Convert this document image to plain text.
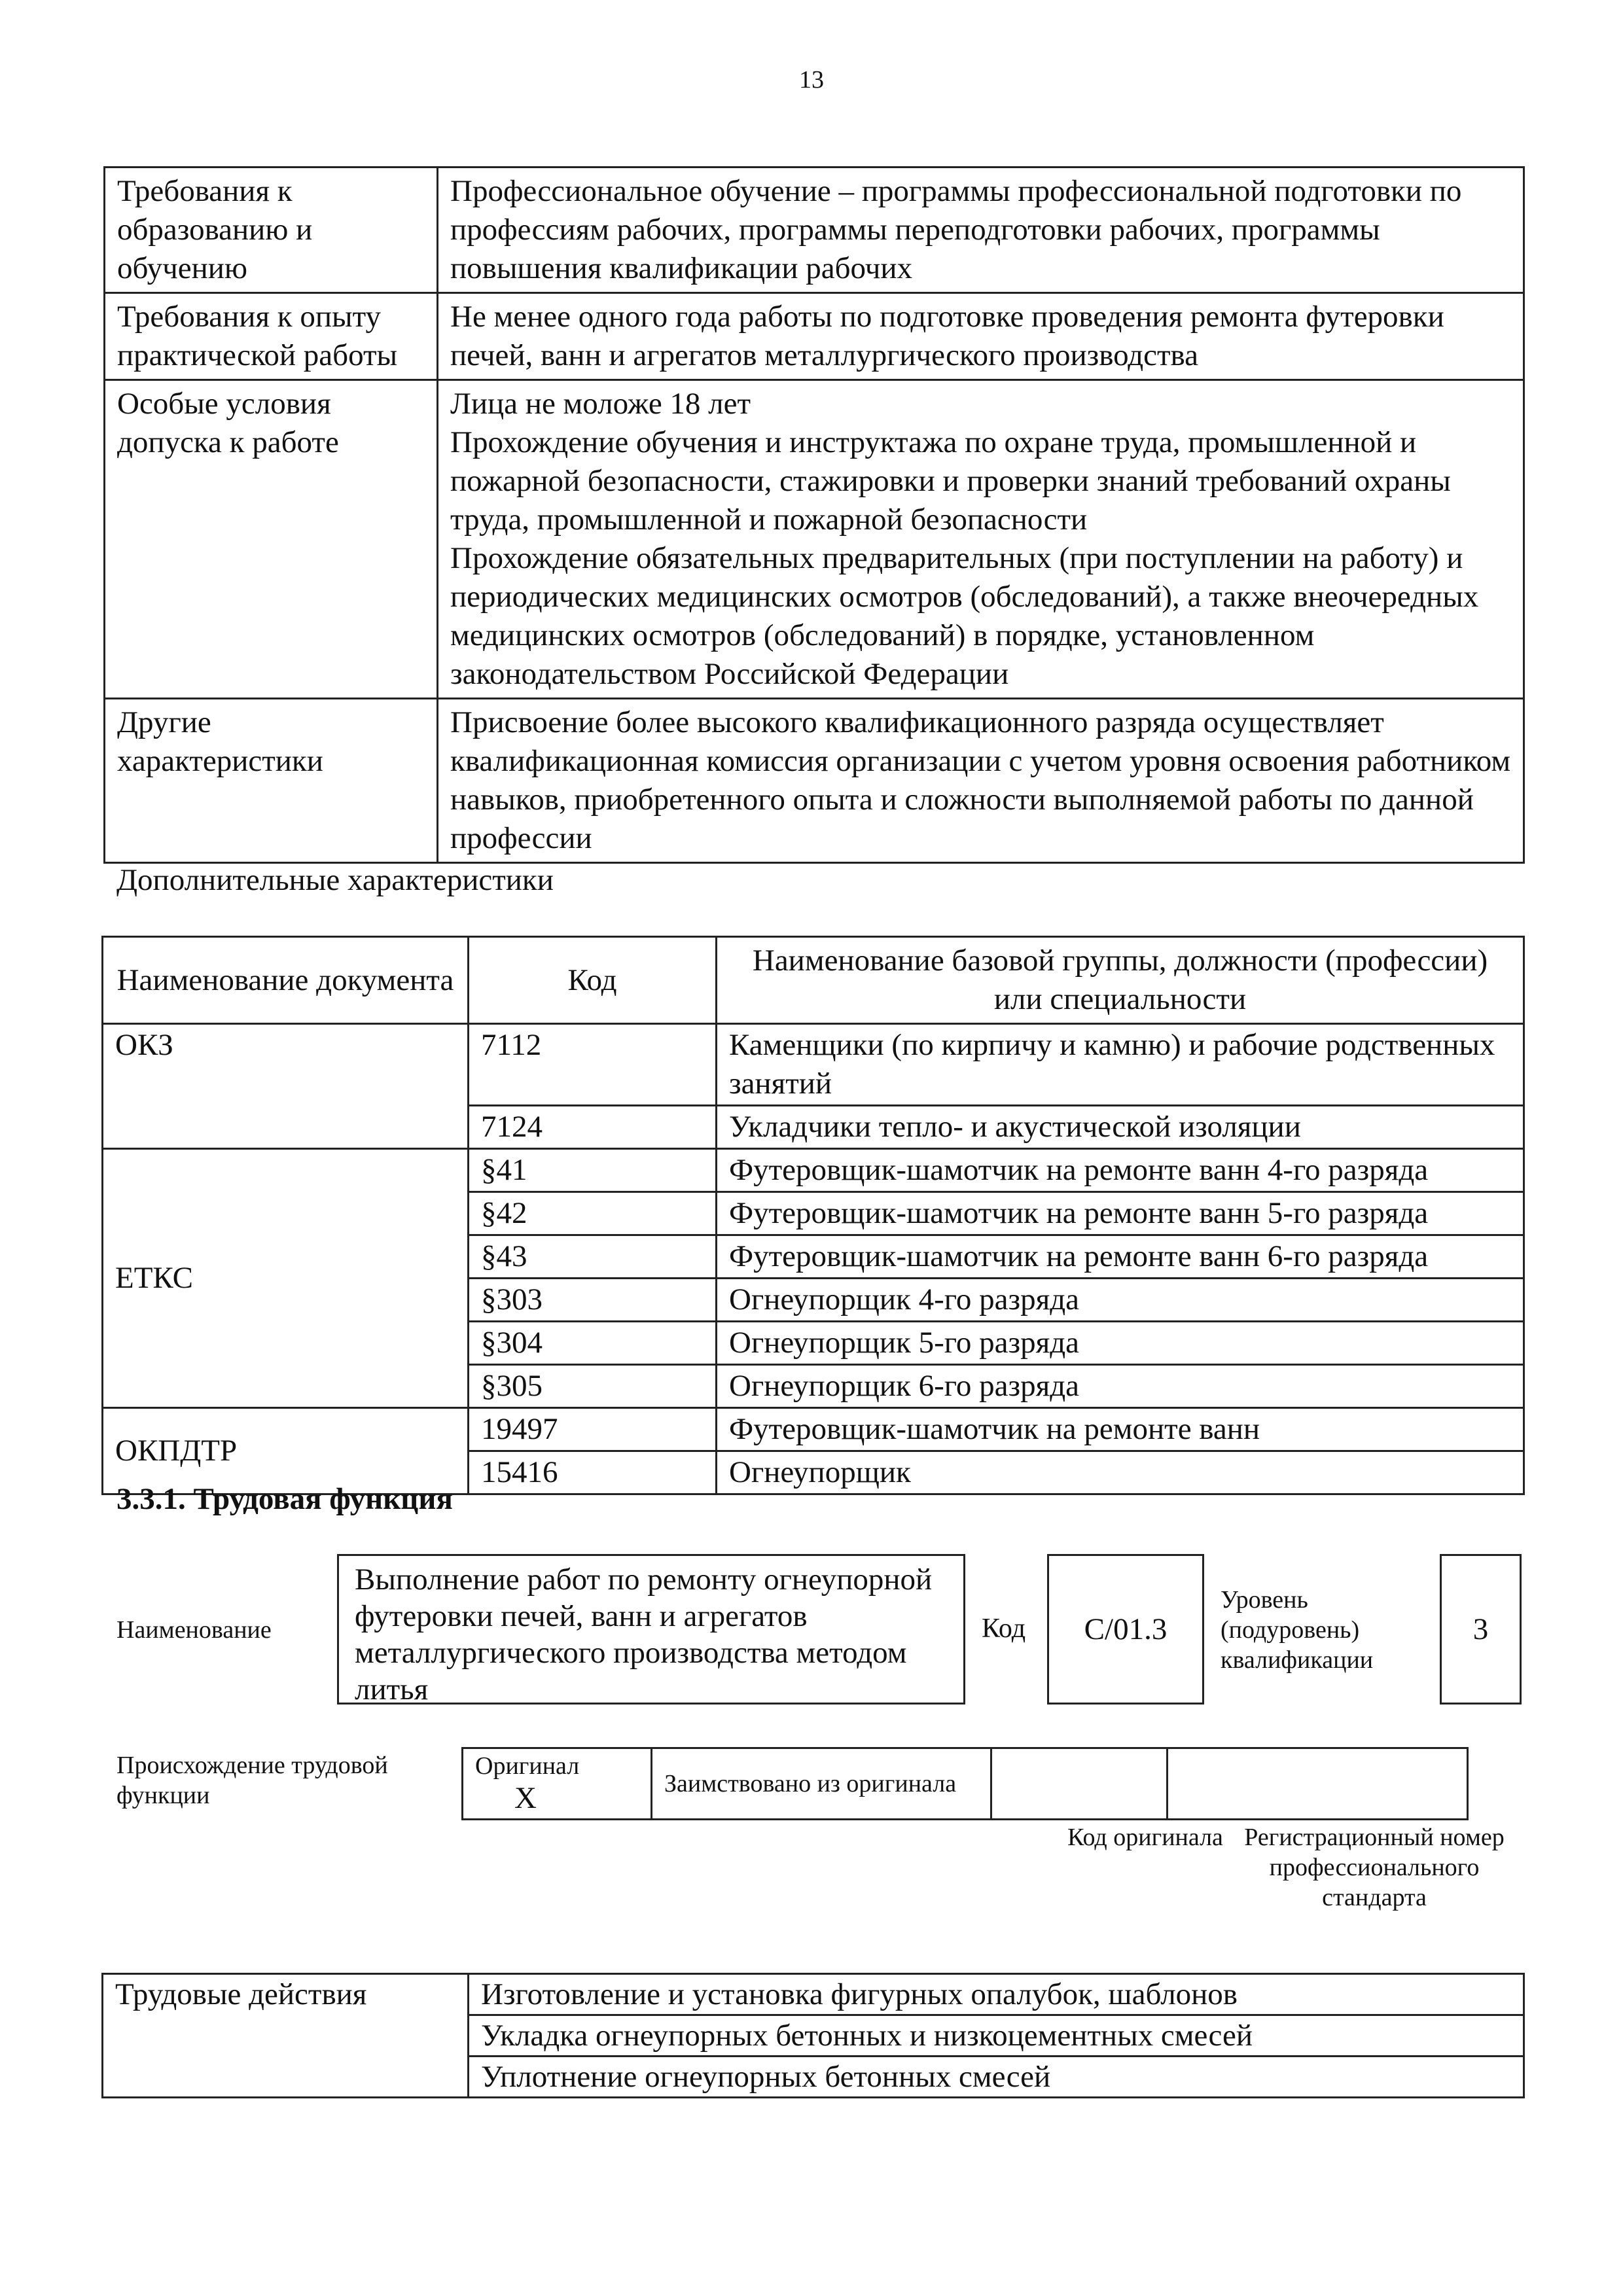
13
Требования к образованию и обучению	Профессиональное обучение – программы профессиональной подготовки по профессиям рабочих, программы переподготовки рабочих, программы повышения квалификации рабочих

Требования к опыту практической работы	Не менее одного года работы по подготовке проведения ремонта футеровки печей, ванн и агрегатов металлургического производства

Особые условия допуска к работе	Лица не моложе 18 лет
Прохождение обучения и инструктажа по охране труда, промышленной и пожарной безопасности, стажировки и проверки знаний требований охраны труда, промышленной и пожарной безопасности
Прохождение обязательных предварительных (при поступлении на работу) и периодических медицинских осмотров (обследований), а также внеочередных медицинских осмотров (обследований) в порядке, установленном законодательством Российской Федерации

Другие характеристики	Присвоение более высокого квалификационного разряда осуществляет квалификационная комиссия организации с учетом уровня освоения работником навыков, приобретенного опыта и сложности выполняемой работы по данной профессии
Дополнительные характеристики
Наименование документа	Код	Наименование базовой группы, должности (профессии) или специальности
ОКЗ	7112	Каменщики (по кирпичу и камню) и рабочие родственных занятий
	7124	Укладчики тепло- и акустической изоляции
ЕТКС	§41	Футеровщик-шамотчик на ремонте ванн 4-го разряда
	§42	Футеровщик-шамотчик на ремонте ванн 5-го разряда
	§43	Футеровщик-шамотчик на ремонте ванн 6-го разряда
	§303	Огнеупорщик 4-го разряда
	§304	Огнеупорщик 5-го разряда
	§305	Огнеупорщик 6-го разряда
ОКПДТР	19497	Футеровщик-шамотчик на ремонте ванн
	15416	Огнеупорщик
3.3.1. Трудовая функция
Наименование
Выполнение работ по ремонту огнеупорной футеровки печей, ванн и агрегатов металлургического производства методом литья
Код	C/01.3
Уровень (подуровень) квалификации
3
Происхождение трудовой функции
Оригинал X	Заимствовано из оригинала		
Код оригинала Регистрационный номер профессионального стандарта
Трудовые действия	Изготовление и установка фигурных опалубок, шаблонов
Укладка огнеупорных бетонных и низкоцементных смесей
Уплотнение огнеупорных бетонных смесей
